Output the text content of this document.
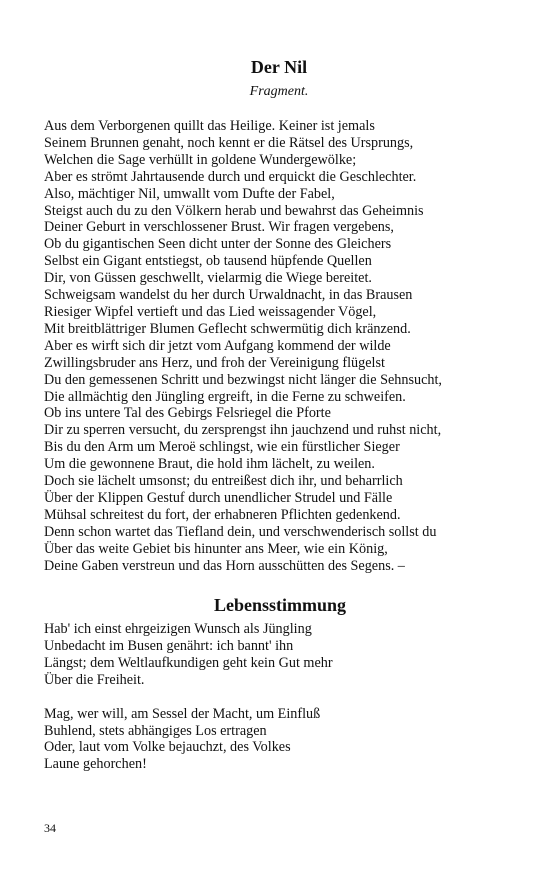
Der Nil
Fragment.
Aus dem Verborgenen quillt das Heilige. Keiner ist jemals
Seinem Brunnen genaht, noch kennt er die Rätsel des Ursprungs,
Welchen die Sage verhüllt in goldene Wundergewölke;
Aber es strömt Jahrtausende durch und erquickt die Geschlechter.
Also, mächtiger Nil, umwallt vom Dufte der Fabel,
Steigst auch du zu den Völkern herab und bewahrst das Geheimnis
Deiner Geburt in verschlossener Brust. Wir fragen vergebens,
Ob du gigantischen Seen dicht unter der Sonne des Gleichers
Selbst ein Gigant entstiegst, ob tausend hüpfende Quellen
Dir, von Güssen geschwellt, vielarmig die Wiege bereitet.
Schweigsam wandelst du her durch Urwaldnacht, in das Brausen
Riesiger Wipfel vertieft und das Lied weissagender Vögel,
Mit breitblättriger Blumen Geflecht schwermütig dich kränzend.
Aber es wirft sich dir jetzt vom Aufgang kommend der wilde
Zwillingsbruder ans Herz, und froh der Vereinigung flügelst
Du den gemessenen Schritt und bezwingst nicht länger die Sehnsucht,
Die allmächtig den Jüngling ergreift, in die Ferne zu schweifen.
Ob ins untere Tal des Gebirgs Felsriegel die Pforte
Dir zu sperren versucht, du zersprengst ihn jauchzend und ruhst nicht,
Bis du den Arm um Meroë schlingst, wie ein fürstlicher Sieger
Um die gewonnene Braut, die hold ihm lächelt, zu weilen.
Doch sie lächelt umsonst; du entreißest dich ihr, und beharrlich
Über der Klippen Gestuf durch unendlicher Strudel und Fälle
Mühsal schreitest du fort, der erhabneren Pflichten gedenkend.
Denn schon wartet das Tiefland dein, und verschwenderisch sollst du
Über das weite Gebiet bis hinunter ans Meer, wie ein König,
Deine Gaben verstreun und das Horn ausschütten des Segens. –
Lebensstimmung
Hab' ich einst ehrgeizigen Wunsch als Jüngling
Unbedacht im Busen genährt: ich bannt' ihn
Längst; dem Weltlaufkundigen geht kein Gut mehr
Über die Freiheit.
Mag, wer will, am Sessel der Macht, um Einfluß
Buhlend, stets abhängiges Los ertragen
Oder, laut vom Volke bejauchzt, des Volkes
Laune gehorchen!
34
